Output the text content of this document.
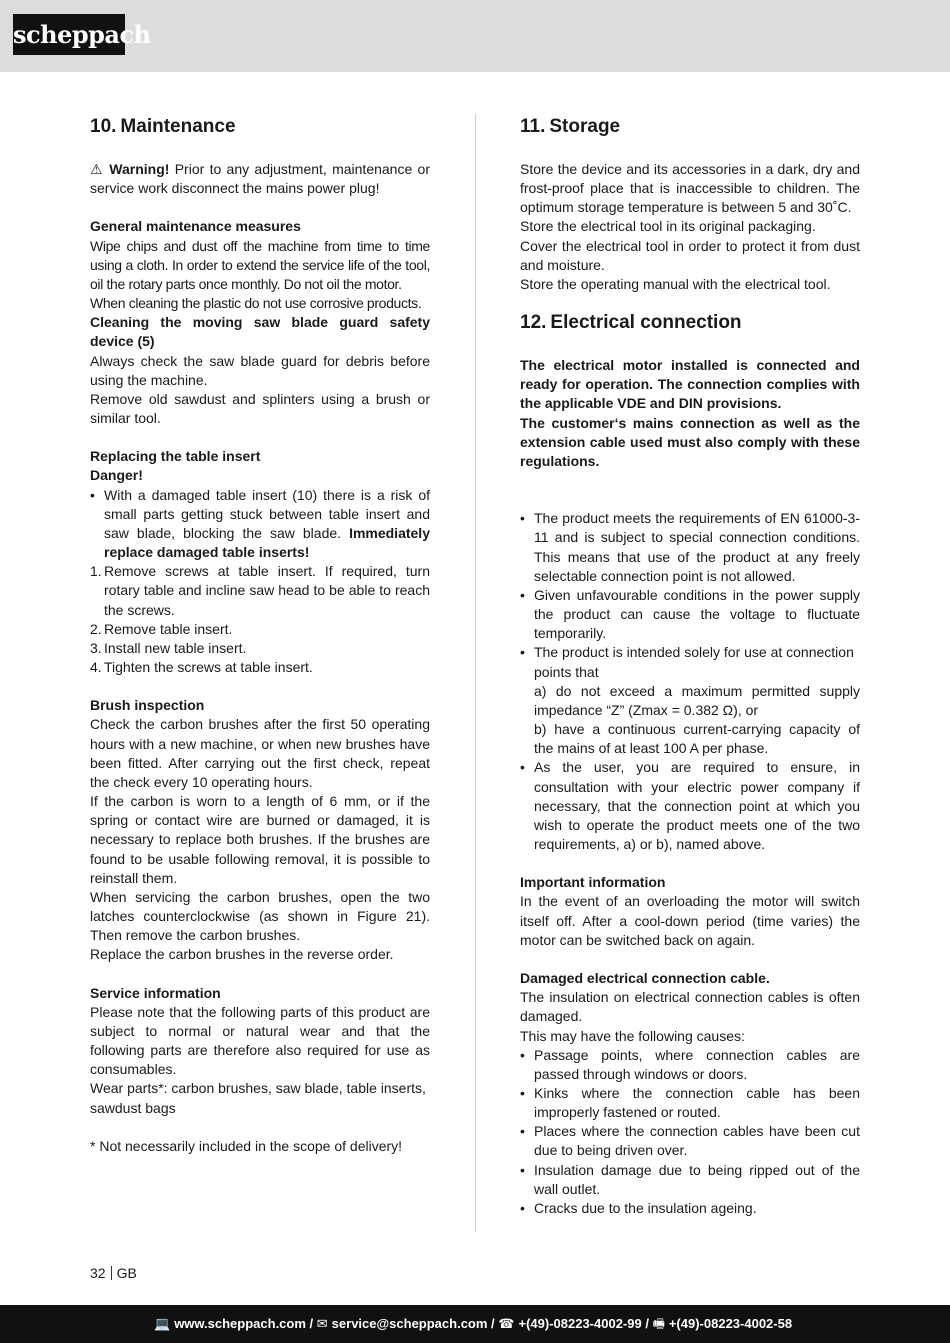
scheppach
10. Maintenance

⚠ Warning! Prior to any adjustment, maintenance or service work disconnect the mains power plug!

General maintenance measures

Wipe chips and dust off the machine from time to time using a cloth. In order to extend the service life of the tool, oil the rotary parts once monthly. Do not oil the motor.

When cleaning the plastic do not use corrosive products.

Cleaning the moving saw blade guard safety device (5)

Always check the saw blade guard for debris before using the machine.

Remove old sawdust and splinters using a brush or similar tool.

Replacing the table insert

Danger!

• With a damaged table insert (10) there is a risk of small parts getting stuck between table insert and saw blade, blocking the saw blade. Immediately replace damaged table inserts!
1. Remove screws at table insert. If required, turn rotary table and incline saw head to be able to reach the screws.
2. Remove table insert.
3. Install new table insert.
4. Tighten the screws at table insert.

Brush inspection

Check the carbon brushes after the first 50 operating hours with a new machine, or when new brushes have been fitted. After carrying out the first check, repeat the check every 10 operating hours.

If the carbon is worn to a length of 6 mm, or if the spring or contact wire are burned or damaged, it is necessary to replace both brushes. If the brushes are found to be usable following removal, it is possible to reinstall them.

When servicing the carbon brushes, open the two latches counterclockwise (as shown in Figure 21). Then remove the carbon brushes.

Replace the carbon brushes in the reverse order.

Service information

Please note that the following parts of this product are subject to normal or natural wear and that the following parts are therefore also required for use as consumables.

Wear parts*: carbon brushes, saw blade, table inserts, sawdust bags

* Not necessarily included in the scope of delivery!

11. Storage

Store the device and its accessories in a dark, dry and frost-proof place that is inaccessible to children. The optimum storage temperature is between 5 and 30˚C.

Store the electrical tool in its original packaging.

Cover the electrical tool in order to protect it from dust and moisture.

Store the operating manual with the electrical tool.

12. Electrical connection

The electrical motor installed is connected and ready for operation. The connection complies with the applicable VDE and DIN provisions.

The customer‘s mains connection as well as the extension cable used must also comply with these regulations.

• The product meets the requirements of EN 61000-3-11 and is subject to special connection conditions. This means that use of the product at any freely selectable connection point is not allowed.
• Given unfavourable conditions in the power supply the product can cause the voltage to fluctuate temporarily.
• The product is intended solely for use at connection points that
a) do not exceed a maximum permitted supply impedance “Z” (Zmax = 0.382 Ω), or
b) have a continuous current-carrying capacity of the mains of at least 100 A per phase.
• As the user, you are required to ensure, in consultation with your electric power company if necessary, that the connection point at which you wish to operate the product meets one of the two requirements, a) or b), named above.

Important information

In the event of an overloading the motor will switch itself off. After a cool-down period (time varies) the motor can be switched back on again.

Damaged electrical connection cable.

The insulation on electrical connection cables is often damaged.

This may have the following causes:

• Passage points, where connection cables are passed through windows or doors.
• Kinks where the connection cable has been improperly fastened or routed.
• Places where the connection cables have been cut due to being driven over.
• Insulation damage due to being ripped out of the wall outlet.
• Cracks due to the insulation ageing.
32 GB
💻 www.scheppach.com / ✉ service@scheppach.com / ☎ +(49)-08223-4002-99 / 🖷 +(49)-08223-4002-58
